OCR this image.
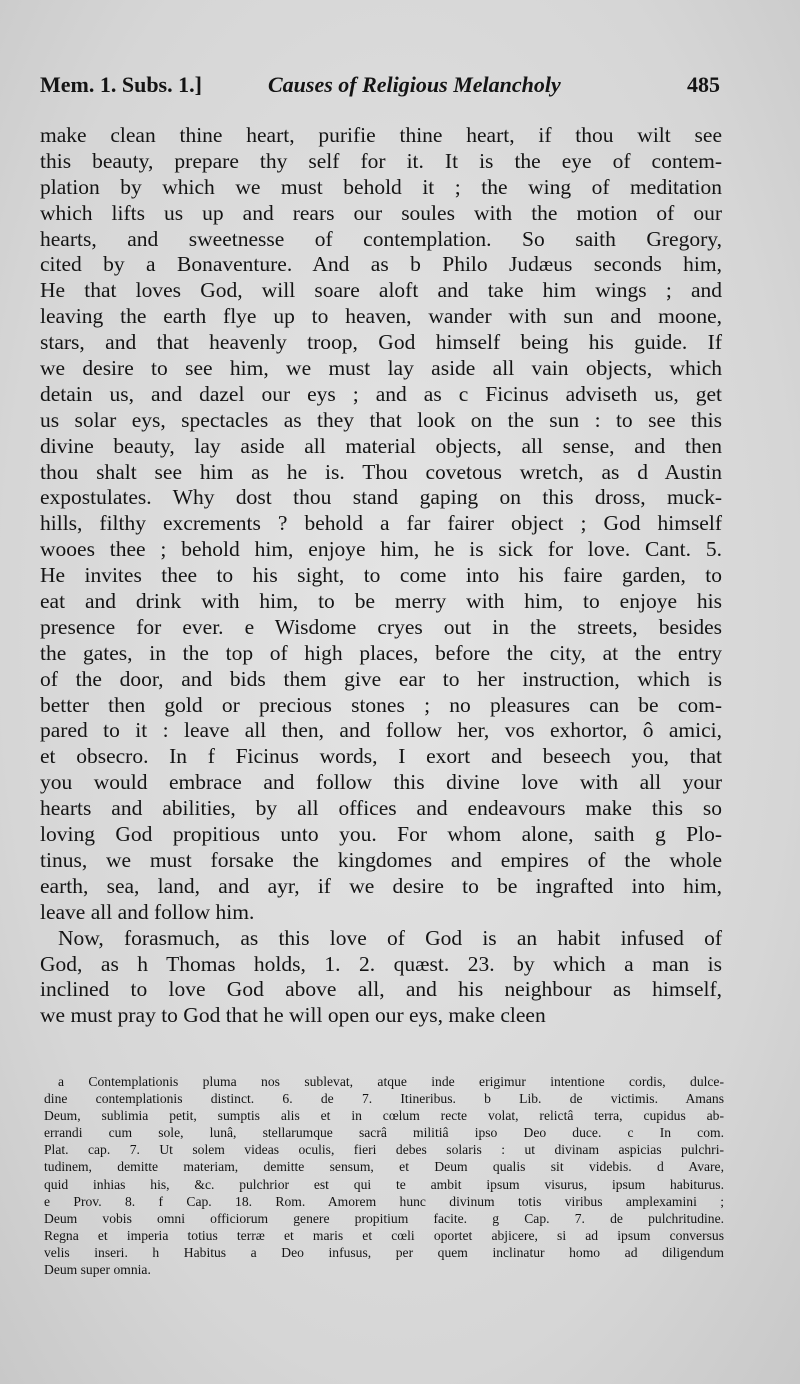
Mem. 1. Subs. 1.]	Causes of Religious Melancholy	485
make clean thine heart, purifie thine heart, if thou wilt see
this beauty, prepare thy self for it. It is the eye of contem-
plation by which we must behold it ; the wing of meditation
which lifts us up and rears our soules with the motion of our
hearts, and sweetnesse of contemplation. So saith Gregory,
cited by a Bonaventure. And as b Philo Judæus seconds him,
He that loves God, will soare aloft and take him wings ; and
leaving the earth flye up to heaven, wander with sun and moone,
stars, and that heavenly troop, God himself being his guide. If
we desire to see him, we must lay aside all vain objects, which
detain us, and dazel our eys ; and as c Ficinus adviseth us, get
us solar eys, spectacles as they that look on the sun : to see this
divine beauty, lay aside all material objects, all sense, and then
thou shalt see him as he is. Thou covetous wretch, as d Austin
expostulates. Why dost thou stand gaping on this dross, muck-
hills, filthy excrements ? behold a far fairer object ; God himself
wooes thee ; behold him, enjoye him, he is sick for love. Cant. 5.
He invites thee to his sight, to come into his faire garden, to
eat and drink with him, to be merry with him, to enjoye his
presence for ever. e Wisdome cryes out in the streets, besides
the gates, in the top of high places, before the city, at the entry
of the door, and bids them give ear to her instruction, which is
better then gold or precious stones ; no pleasures can be com-
pared to it : leave all then, and follow her, vos exhortor, ô amici,
et obsecro. In f Ficinus words, I exort and beseech you, that
you would embrace and follow this divine love with all your
hearts and abilities, by all offices and endeavours make this so
loving God propitious unto you. For whom alone, saith g Plo-
tinus, we must forsake the kingdomes and empires of the whole
earth, sea, land, and ayr, if we desire to be ingrafted into him,
leave all and follow him.
Now, forasmuch, as this love of God is an habit infused of
God, as h Thomas holds, 1. 2. quæst. 23. by which a man is
inclined to love God above all, and his neighbour as himself,
we must pray to God that he will open our eys, make cleen
a Contemplationis pluma nos sublevat, atque inde erigimur intentione cordis, dulce-
dine contemplationis distinct. 6. de 7. Itineribus. b Lib. de victimis. Amans
Deum, sublimia petit, sumptis alis et in cœlum recte volat, relictâ terra, cupidus ab-
errandi cum sole, lunâ, stellarumque sacrâ militiâ ipso Deo duce. c In com.
Plat. cap. 7. Ut solem videas oculis, fieri debes solaris : ut divinam aspicias pulchri-
tudinem, demitte materiam, demitte sensum, et Deum qualis sit videbis. d Avare,
quid inhias his, &c. pulchrior est qui te ambit ipsum visurus, ipsum habiturus.
e Prov. 8. f Cap. 18. Rom. Amorem hunc divinum totis viribus amplexamini ;
Deum vobis omni officiorum genere propitium facite. g Cap. 7. de pulchritudine.
Regna et imperia totius terræ et maris et cœli oportet abjicere, si ad ipsum conversus
velis inseri. h Habitus a Deo infusus, per quem inclinatur homo ad diligendum
Deum super omnia.
